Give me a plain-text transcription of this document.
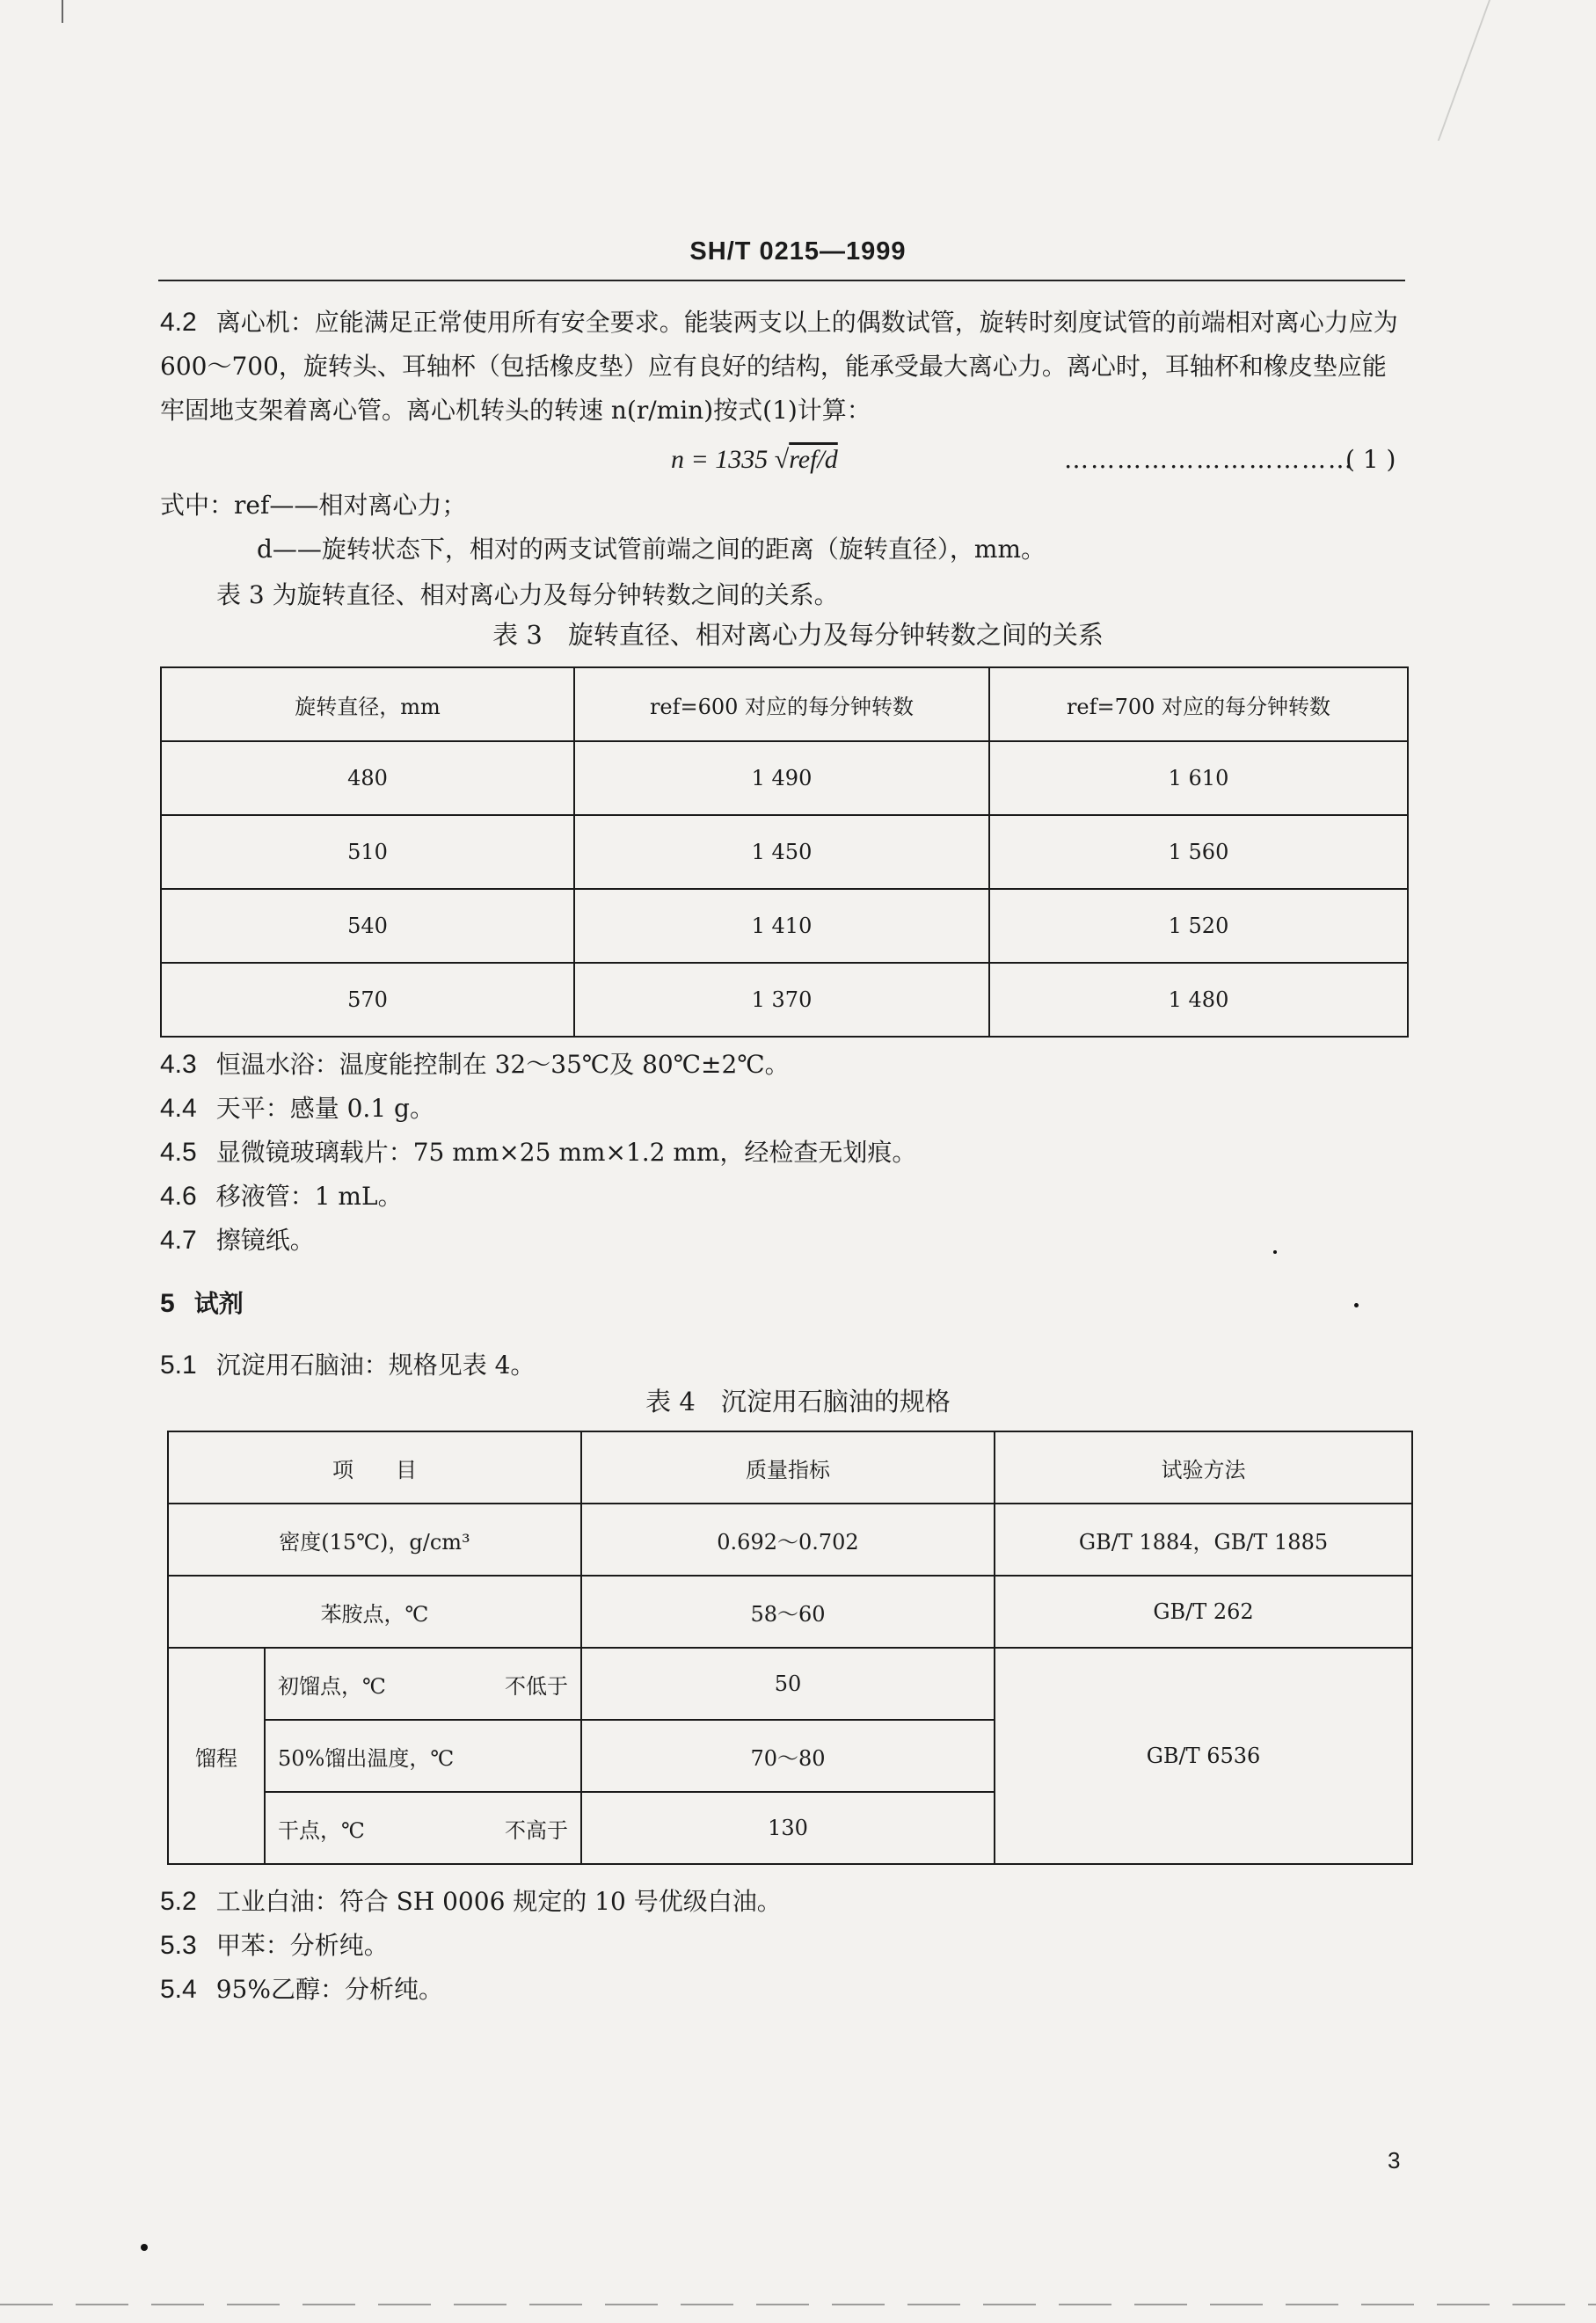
SH/T 0215—1999

4.2 离心机：应能满足正常使用所有安全要求。能装两支以上的偶数试管，旋转时刻度试管的前端相对离心力应为 600～700，旋转头、耳轴杯（包括橡皮垫）应有良好的结构，能承受最大离心力。离心时，耳轴杯和橡皮垫应能牢固地支架着离心管。离心机转头的转速 n(r/min)按式(1)计算：

n = 1335 √ref/d	……………………………
( 1 )

式中：ref——相对离心力；

d——旋转状态下，相对的两支试管前端之间的距离（旋转直径），mm。

表 3 为旋转直径、相对离心力及每分钟转数之间的关系。

表 3　旋转直径、相对离心力及每分钟转数之间的关系

旋转直径，mm	ref=600 对应的每分钟转数	ref=700 对应的每分钟转数
480	1 490	1 610
510	1 450	1 560
540	1 410	1 520
570	1 370	1 480

4.3 恒温水浴：温度能控制在 32～35℃及 80℃±2℃。

4.4 天平：感量 0.1 g。

4.5 显微镜玻璃载片：75 mm×25 mm×1.2 mm，经检查无划痕。

4.6 移液管：1 mL。

4.7 擦镜纸。

5 试剂

5.1 沉淀用石脑油：规格见表 4。

表 4　沉淀用石脑油的规格

项　　目		质量指标	试验方法
密度(15℃)，g/cm³		0.692～0.702	GB/T 1884，GB/T 1885
苯胺点，℃		58～60	GB/T 262
馏程	初馏点，℃ 不低于	50	GB/T 6536
	50%馏出温度，℃	70～80	

	干点，℃ 不高于	130	

5.2 工业白油：符合 SH 0006 规定的 10 号优级白油。

5.3 甲苯：分析纯。

5.4 95%乙醇：分析纯。

3
